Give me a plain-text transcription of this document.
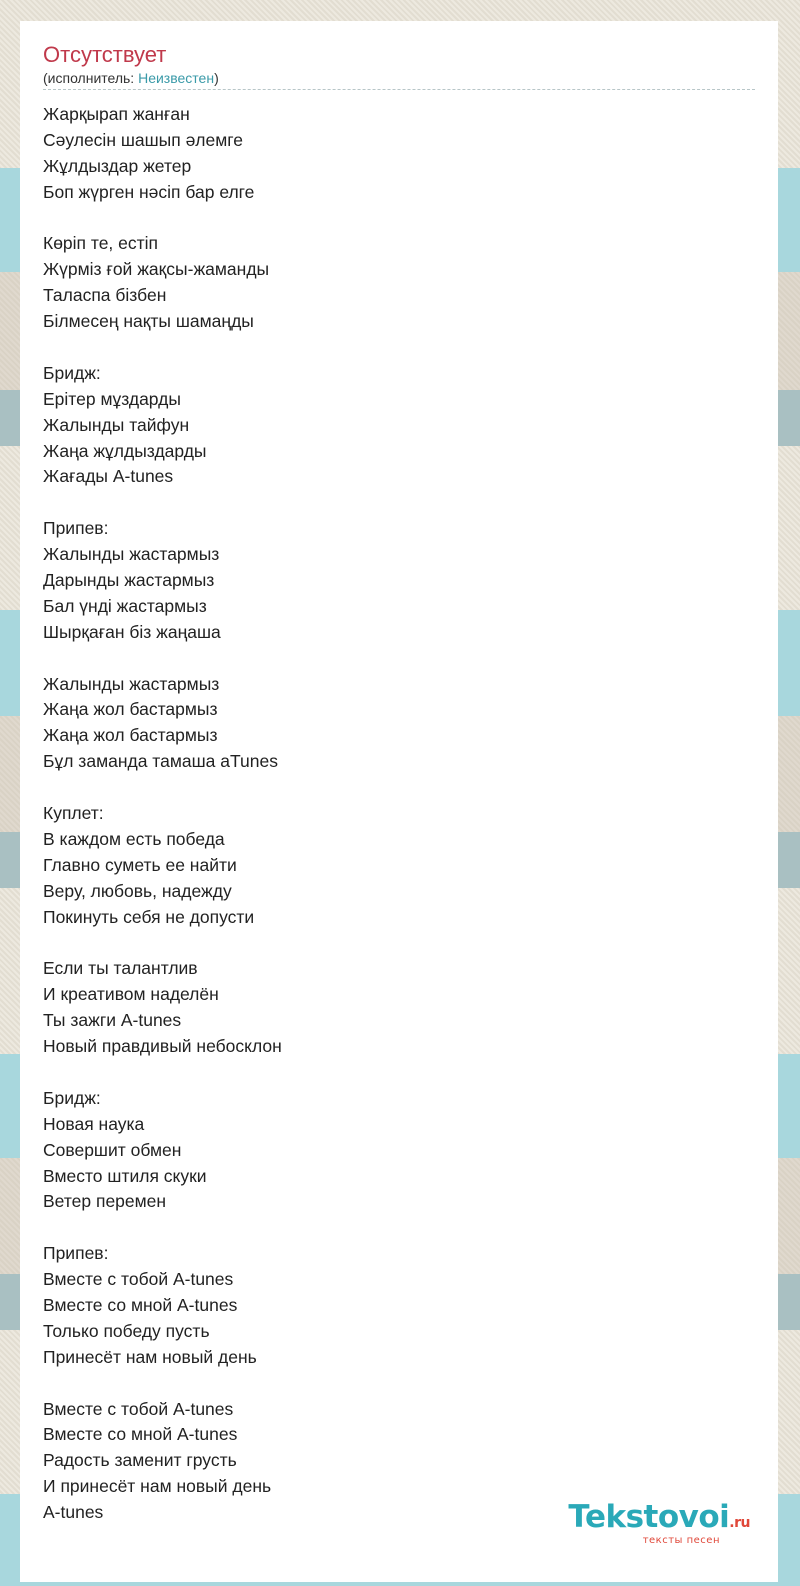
Отсутствует
(исполнитель: Неизвестен)
Жарқырап жанған
Сәулесін шашып әлемге
Жұлдыздар жетер
Боп жүрген нәсіп бар елге
Көріп те, естіп
Жүрміз ғой жақсы-жаманды
Таласпа бізбен
Білмесең нақты шамаңды
Бридж:
Ерітер мұздарды
Жалынды тайфун
Жаңа жұлдыздарды
Жағады A-tunes
Припев:
Жалынды жастармыз
Дарынды жастармыз
Бал үнді жастармыз
Шырқаған біз жаңаша
Жалынды жастармыз
Жаңа жол бастармыз
Жаңа жол бастармыз
Бұл заманда тамаша aTunes
Куплет:
В каждом есть победа
Главно суметь ее найти
Веру, любовь, надежду
Покинуть себя не допусти
Если ты талантлив
И креативом наделён
Ты зажги A-tunes
Новый правдивый небосклон
Бридж:
Новая наука
Совершит обмен
Вместо штиля скуки
Ветер перемен
Припев:
Вместе с тобой A-tunes
Вместе со мной A-tunes
Только победу пусть
Принесёт нам новый день
Вместе с тобой A-tunes
Вместе со мной A-tunes
Радость заменит грусть
И принесёт нам новый день
A-tunes	Tekstovoi.ru
тексты песен
